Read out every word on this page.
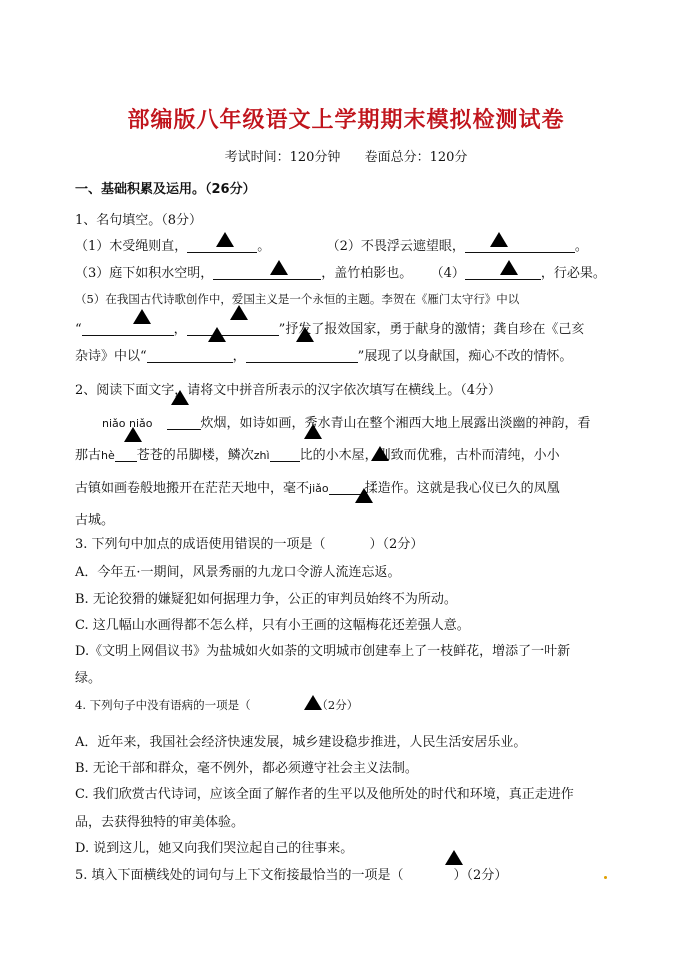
部编版八年级语文上学期期末模拟检测试卷
考试时间：120分钟 卷面总分：120分
一、基础积累及运用。（26分）
1、名句填空。（8分）
（1）木受绳则直，	。	（2）不畏浮云遮望眼，	。
（3）庭下如积水空明，	，盖竹柏影也。 （4）	，行必果。
（5）在我国古代诗歌创作中，爱国主义是一个永恒的主题。李贺在《雁门太守行》中以
“	，	”抒发了报效国家，勇于献身的激情；龚自珍在《己亥
杂诗》中以“	，	”展现了以身献国，痴心不改的情怀。
2、阅读下面文字，请将文中拼音所表示的汉字依次填写在横线上。（4分）
niǎo niǎo	炊烟，如诗如画，秀水青山在整个湘西大地上展露出淡幽的神韵，看
那古hè 苍苍的吊脚楼，鳞次zhì 比的小木屋，别致而优雅，古朴而清纯，小小
古镇如画卷般地搬开在茫茫天地中，毫不jiǎo	揉造作。这就是我心仪已久的凤凰
古城。
3. 下列句中加点的成语使用错误的一项是（	）（2分）
A．今年五·一期间，风景秀丽的九龙口令游人流连忘返。
B. 无论狡猾的嫌疑犯如何据理力争，公正的审判员始终不为所动。
C. 这几幅山水画得都不怎么样，只有小王画的这幅梅花还差强人意。
D.《文明上网倡议书》为盐城如火如荼的文明城市创建奉上了一枝鲜花，增添了一叶新
绿。
4. 下列句子中没有语病的一项是（	）（2分）
A．近年来，我国社会经济快速发展，城乡建设稳步推进，人民生活安居乐业。
B. 无论干部和群众，毫不例外，都必须遵守社会主义法制。
C. 我们欣赏古代诗词，应该全面了解作者的生平以及他所处的时代和环境，真正走进作
品，去获得独特的审美体验。
D. 说到这儿，她又向我们哭泣起自己的往事来。
5. 填入下面横线处的词句与上下文衔接最恰当的一项是（	）（2分）
